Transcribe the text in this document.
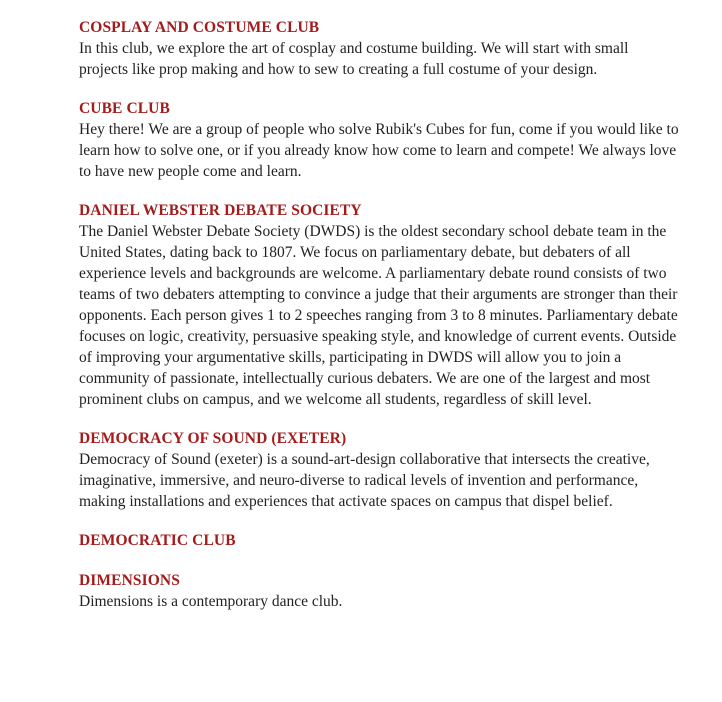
COSPLAY AND COSTUME CLUB

In this club, we explore the art of cosplay and costume building. We will start with small projects like prop making and how to sew to creating a full costume of your design.

CUBE CLUB

Hey there! We are a group of people who solve Rubik's Cubes for fun, come if you would like to learn how to solve one, or if you already know how come to learn and compete! We always love to have new people come and learn.

DANIEL WEBSTER DEBATE SOCIETY

The Daniel Webster Debate Society (DWDS) is the oldest secondary school debate team in the United States, dating back to 1807. We focus on parliamentary debate, but debaters of all experience levels and backgrounds are welcome. A parliamentary debate round consists of two teams of two debaters attempting to convince a judge that their arguments are stronger than their opponents. Each person gives 1 to 2 speeches ranging from 3 to 8 minutes. Parliamentary debate focuses on logic, creativity, persuasive speaking style, and knowledge of current events. Outside of improving your argumentative skills, participating in DWDS will allow you to join a community of passionate, intellectually curious debaters. We are one of the largest and most prominent clubs on campus, and we welcome all students, regardless of skill level.

DEMOCRACY OF SOUND (EXETER)

Democracy of Sound (exeter) is a sound-art-design collaborative that intersects the creative, imaginative, immersive, and neuro-diverse to radical levels of invention and performance, making installations and experiences that activate spaces on campus that dispel belief.

DEMOCRATIC CLUB
DIMENSIONS

Dimensions is a contemporary dance club.
